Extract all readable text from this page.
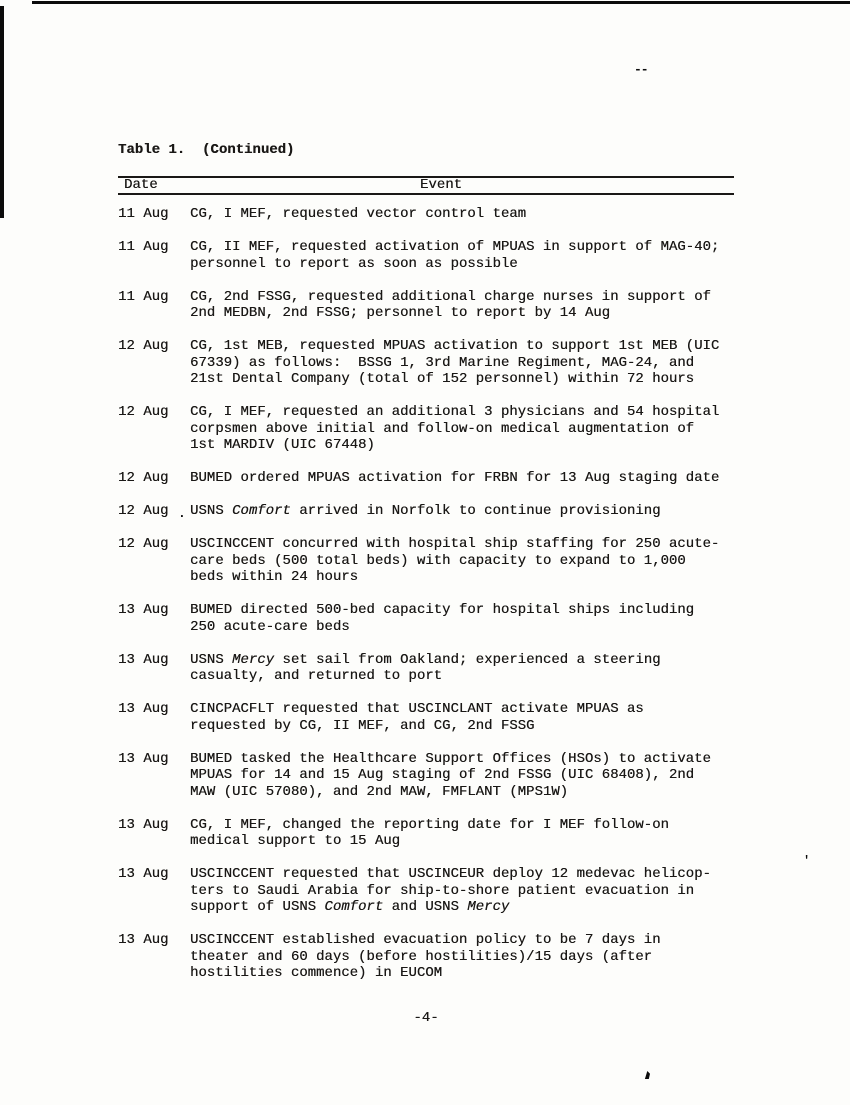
--
.
'
Table 1.  (Continued)
Date	Event
11 Aug	CG, I MEF, requested vector control team
11 Aug	CG, II MEF, requested activation of MPUAS in support of MAG-40;
personnel to report as soon as possible
11 Aug	CG, 2nd FSSG, requested additional charge nurses in support of
2nd MEDBN, 2nd FSSG; personnel to report by 14 Aug
12 Aug	CG, 1st MEB, requested MPUAS activation to support 1st MEB (UIC
67339) as follows:  BSSG 1, 3rd Marine Regiment, MAG-24, and
21st Dental Company (total of 152 personnel) within 72 hours
12 Aug	CG, I MEF, requested an additional 3 physicians and 54 hospital
corpsmen above initial and follow-on medical augmentation of
1st MARDIV (UIC 67448)
12 Aug	BUMED ordered MPUAS activation for FRBN for 13 Aug staging date
12 Aug	USNS Comfort arrived in Norfolk to continue provisioning
12 Aug	USCINCCENT concurred with hospital ship staffing for 250 acute-
care beds (500 total beds) with capacity to expand to 1,000
beds within 24 hours
13 Aug	BUMED directed 500-bed capacity for hospital ships including
250 acute-care beds
13 Aug	USNS Mercy set sail from Oakland; experienced a steering
casualty, and returned to port
13 Aug	CINCPACFLT requested that USCINCLANT activate MPUAS as
requested by CG, II MEF, and CG, 2nd FSSG
13 Aug	BUMED tasked the Healthcare Support Offices (HSOs) to activate
MPUAS for 14 and 15 Aug staging of 2nd FSSG (UIC 68408), 2nd
MAW (UIC 57080), and 2nd MAW, FMFLANT (MPS1W)
13 Aug	CG, I MEF, changed the reporting date for I MEF follow-on
medical support to 15 Aug
13 Aug	USCINCCENT requested that USCINCEUR deploy 12 medevac helicop-
ters to Saudi Arabia for ship-to-shore patient evacuation in
support of USNS Comfort and USNS Mercy
13 Aug	USCINCCENT established evacuation policy to be 7 days in
theater and 60 days (before hostilities)/15 days (after
hostilities commence) in EUCOM
-4-
